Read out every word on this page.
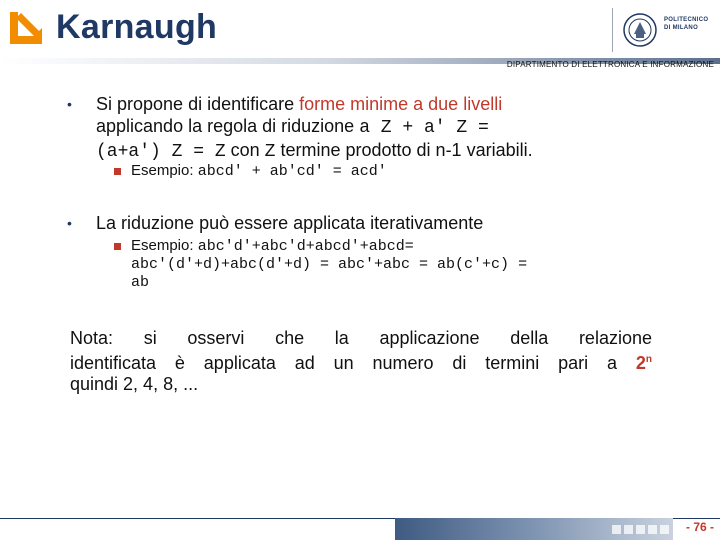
Karnaugh	POLITECNICO DI MILANO
DIPARTIMENTO DI ELETTRONICA E INFORMAZIONE
• Si propone di identificare forme minime a due livelli
applicando la regola di riduzione a Z + a' Z =
(a+a') Z = Z con Z termine prodotto di n-1 variabili.
Esempio: abcd' + ab'cd' = acd'
• La riduzione può essere applicata iterativamente
Esempio: abc'd'+abc'd+abcd'+abcd=
abc'(d'+d)+abc(d'+d) = abc'+abc = ab(c'+c) =
ab
Nota: si osservi che la applicazione della relazione
identificata è applicata ad un numero di termini pari a 2$^n$
quindi 2, 4, 8, ...
- 76 -
